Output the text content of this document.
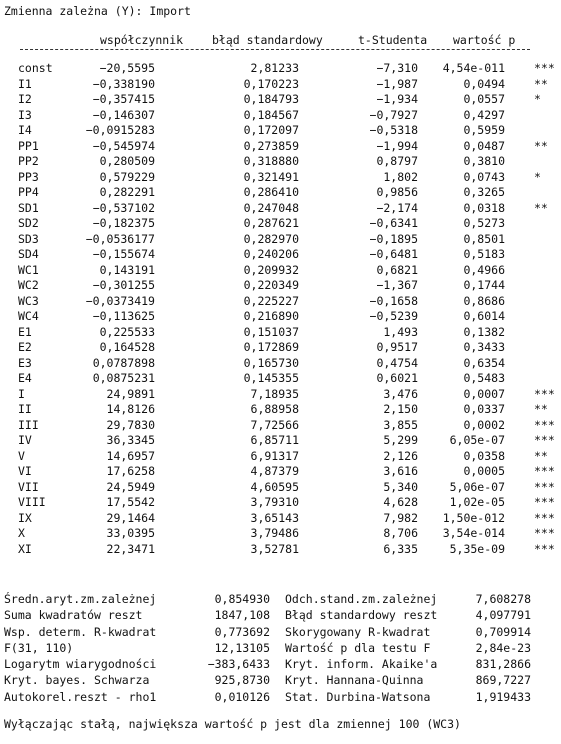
Zmienna zależna (Y): Import
współczynnik	błąd standardowy	t-Studenta wartość p
const	−20,5595	2,81233	−7,310 4,54e-011	***
I1	−0,338190	0,170223	−1,987	0,0494	**
I2	−0,357415	0,184793	−1,934	0,0557	*
I3	−0,146307	0,184567	−0,7927	0,4297
I4	−0,0915283	0,172097	−0,5318	0,5959
PP1	−0,545974	0,273859	−1,994	0,0487	**
PP2	0,280509	0,318880	0,8797	0,3810
PP3	0,579229	0,321491	1,802	0,0743	*
PP4	0,282291	0,286410	0,9856	0,3265
SD1	−0,537102	0,247048	−2,174	0,0318	**
SD2	−0,182375	0,287621	−0,6341	0,5273
SD3	−0,0536177	0,282970	−0,1895	0,8501
SD4	−0,155674	0,240206	−0,6481	0,5183
WC1	0,143191	0,209932	0,6821	0,4966
WC2	−0,301255	0,220349	−1,367	0,1744
WC3	−0,0373419	0,225227	−0,1658	0,8686
WC4	−0,113625	0,216890	−0,5239	0,6014
E1	0,225533	0,151037	1,493	0,1382
E2	0,164528	0,172869	0,9517	0,3433
E3	0,0787898	0,165730	0,4754	0,6354
E4	0,0875231	0,145355	0,6021	0,5483
I	24,9891	7,18935	3,476	0,0007	***
II	14,8126	6,88958	2,150	0,0337	**
III	29,7830	7,72566	3,855	0,0002	***
IV	36,3345	6,85711	5,299	6,05e-07	***
V	14,6957	6,91317	2,126	0,0358	**
VI	17,6258	4,87379	3,616	0,0005	***
VII	24,5949	4,60595	5,340	5,06e-07	***
VIII	17,5542	3,79310	4,628	1,02e-05	***
IX	29,1464	3,65143	7,982 1,50e-012	***
X	33,0395	3,79486	8,706 3,54e-014	***
XI	22,3471	3,52781	6,335	5,35e-09	***
Średn.aryt.zm.zależnej	0,854930 Odch.stand.zm.zależnej	7,608278
Suma kwadratów reszt	1847,108 Błąd standardowy reszt	4,097791
Wsp. determ. R-kwadrat	0,773692 Skorygowany R-kwadrat	0,709914
F(31, 110)	12,13105 Wartość p dla testu F	2,84e-23
Logarytm wiarygodności	−383,6433 Kryt. inform. Akaike'a	831,2866
Kryt. bayes. Schwarza	925,8730 Kryt. Hannana-Quinna	869,7227
Autokorel.reszt - rho1	0,010126 Stat. Durbina-Watsona	1,919433
Wyłączając stałą, największa wartość p jest dla zmiennej 100 (WC3)
